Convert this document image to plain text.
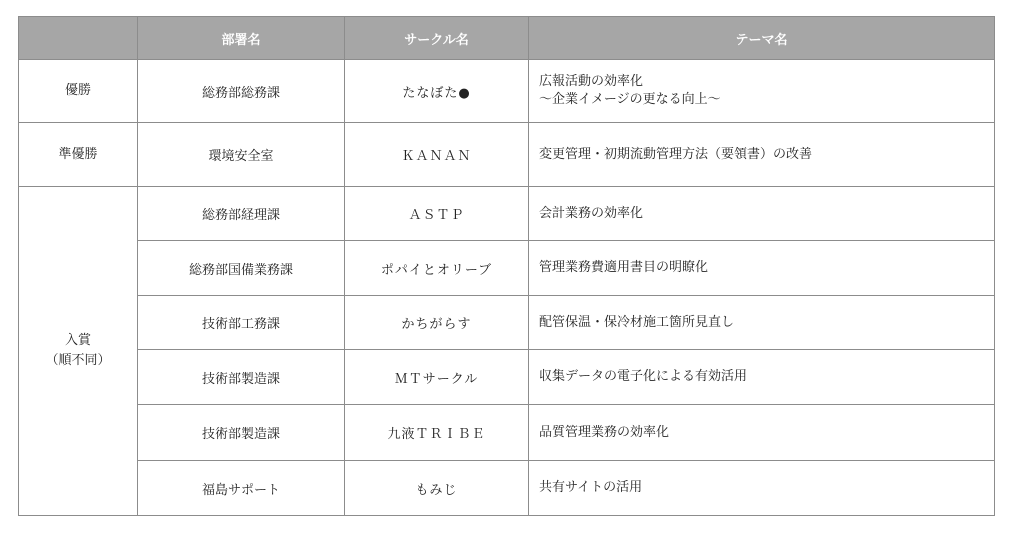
	部署名	サークル名	テーマ名
優勝	総務部総務課	たなぼた●	広報活動の効率化
～企業イメージの更なる向上～

準優勝	環境安全室	ＫＡＮＡＮ	変更管理・初期流動管理方法（要領書）の改善

入賞
（順不同）	総務部経理課	ＡＳＴＰ	会計業務の効率化
	総務部国備業務課	ポパイとオリーブ	管理業務費適用書目の明瞭化
	技術部工務課	かちがらす	配管保温・保冷材施工箇所見直し
	技術部製造課	ＭＴサークル	収集データの電子化による有効活用
	技術部製造課	九液ＴＲＩＢＥ	品質管理業務の効率化
	福島サポート	もみじ	共有サイトの活用
